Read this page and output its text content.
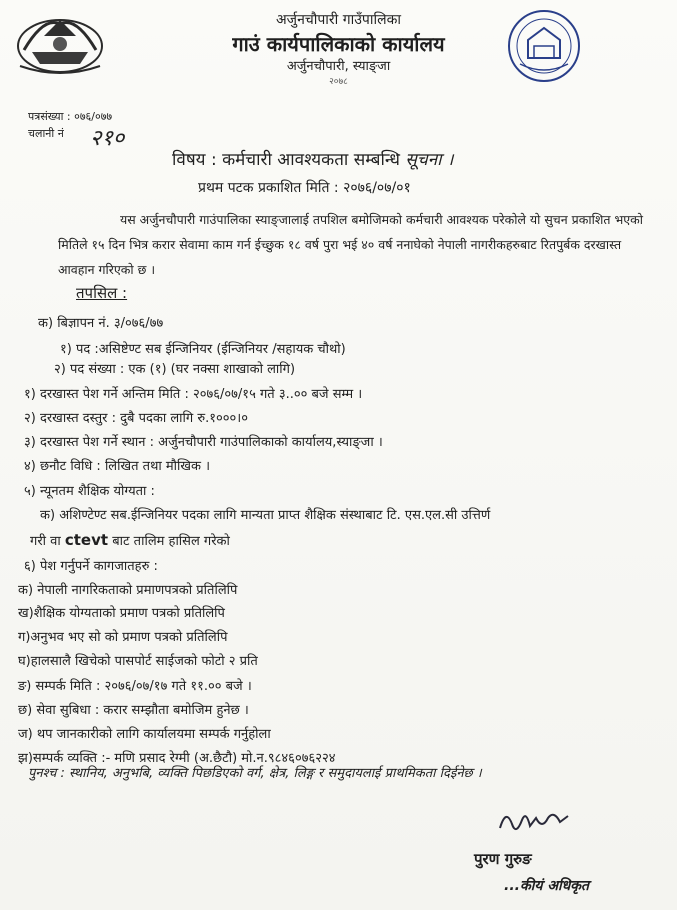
अर्जुनचौपारी गाउँपालिका
गाउं कार्यपालिकाको कार्यालय
अर्जुनचौपारी, स्याङ्जा
२०७८
पत्रसंख्या : ०७६/०७७
चलानी नं २१०
विषय : कर्मचारी आवश्यकता सम्बन्धि सूचना ।
प्रथम पटक प्रकाशित मिति : २०७६/०७/०१
यस अर्जुनचौपारी गाउंपालिका स्याङ्जालाई तपशिल बमोजिमको कर्मचारी आवश्यक परेकोले यो सुचन प्रकाशित भएको मितिले १५ दिन भित्र करार सेवामा काम गर्न ईच्छुक १८ वर्ष पुरा भई ४० वर्ष ननाघेको नेपाली नागरीकहरुबाट रितपुर्बक दरखास्त आवहान गरिएको छ ।
तपसिल :
क) बिज्ञापन नं. ३/०७६/७७
१) पद :असिष्टेण्ट सब ईन्जिनियर (ईन्जिनियर /सहायक चौथो)
२) पद संख्या : एक (१) (घर नक्सा शाखाको लागि)
१) दरखास्त पेश गर्ने अन्तिम मिति : २०७६/०७/१५ गते ३..०० बजे सम्म ।
२) दरखास्त दस्तुर : दुबै पदका लागि रु.१०००।०
३) दरखास्त पेश गर्ने स्थान : अर्जुनचौपारी गाउंपालिकाको कार्यालय,स्याङ्जा ।
४) छनौट विधि : लिखित तथा मौखिक ।
५) न्यूनतम शैक्षिक योग्यता :
क) अशिण्टेण्ट सब.ईन्जिनियर पदका लागि मान्यता प्राप्त शैक्षिक संस्थाबाट टि. एस.एल.सी उत्तिर्ण
गरी वा ctevt बाट तालिम हासिल गरेको
६) पेश गर्नुपर्ने कागजातहरु :
क) नेपाली नागरिकताको प्रमाणपत्रको प्रतिलिपि
ख)शैक्षिक योग्यताको प्रमाण पत्रको प्रतिलिपि
ग)अनुभव भए सो को प्रमाण पत्रको प्रतिलिपि
घ)हालसालै खिचेको पासपोर्ट साईजको फोटो २ प्रति
ङ) सम्पर्क मिति : २०७६/०७/१७ गते ११.०० बजे ।
छ) सेवा सुबिधा : करार सम्झौता बमोजिम हुनेछ ।
ज) थप जानकारीको लागि कार्यालयमा सम्पर्क गर्नुहोला
झ)सम्पर्क व्यक्ति :- मणि प्रसाद रेग्मी (अ.छैटौ) मो.न.९८४६०७६२२४
पुनश्च : स्थानिय, अनुभबि, व्यक्ति पिछडिएको वर्ग, क्षेत्र, लिङ्ग र समुदायलाई प्राथमिकता दिईनेछ ।
पुरण गुरुङ
...कीयं अधिकृत
